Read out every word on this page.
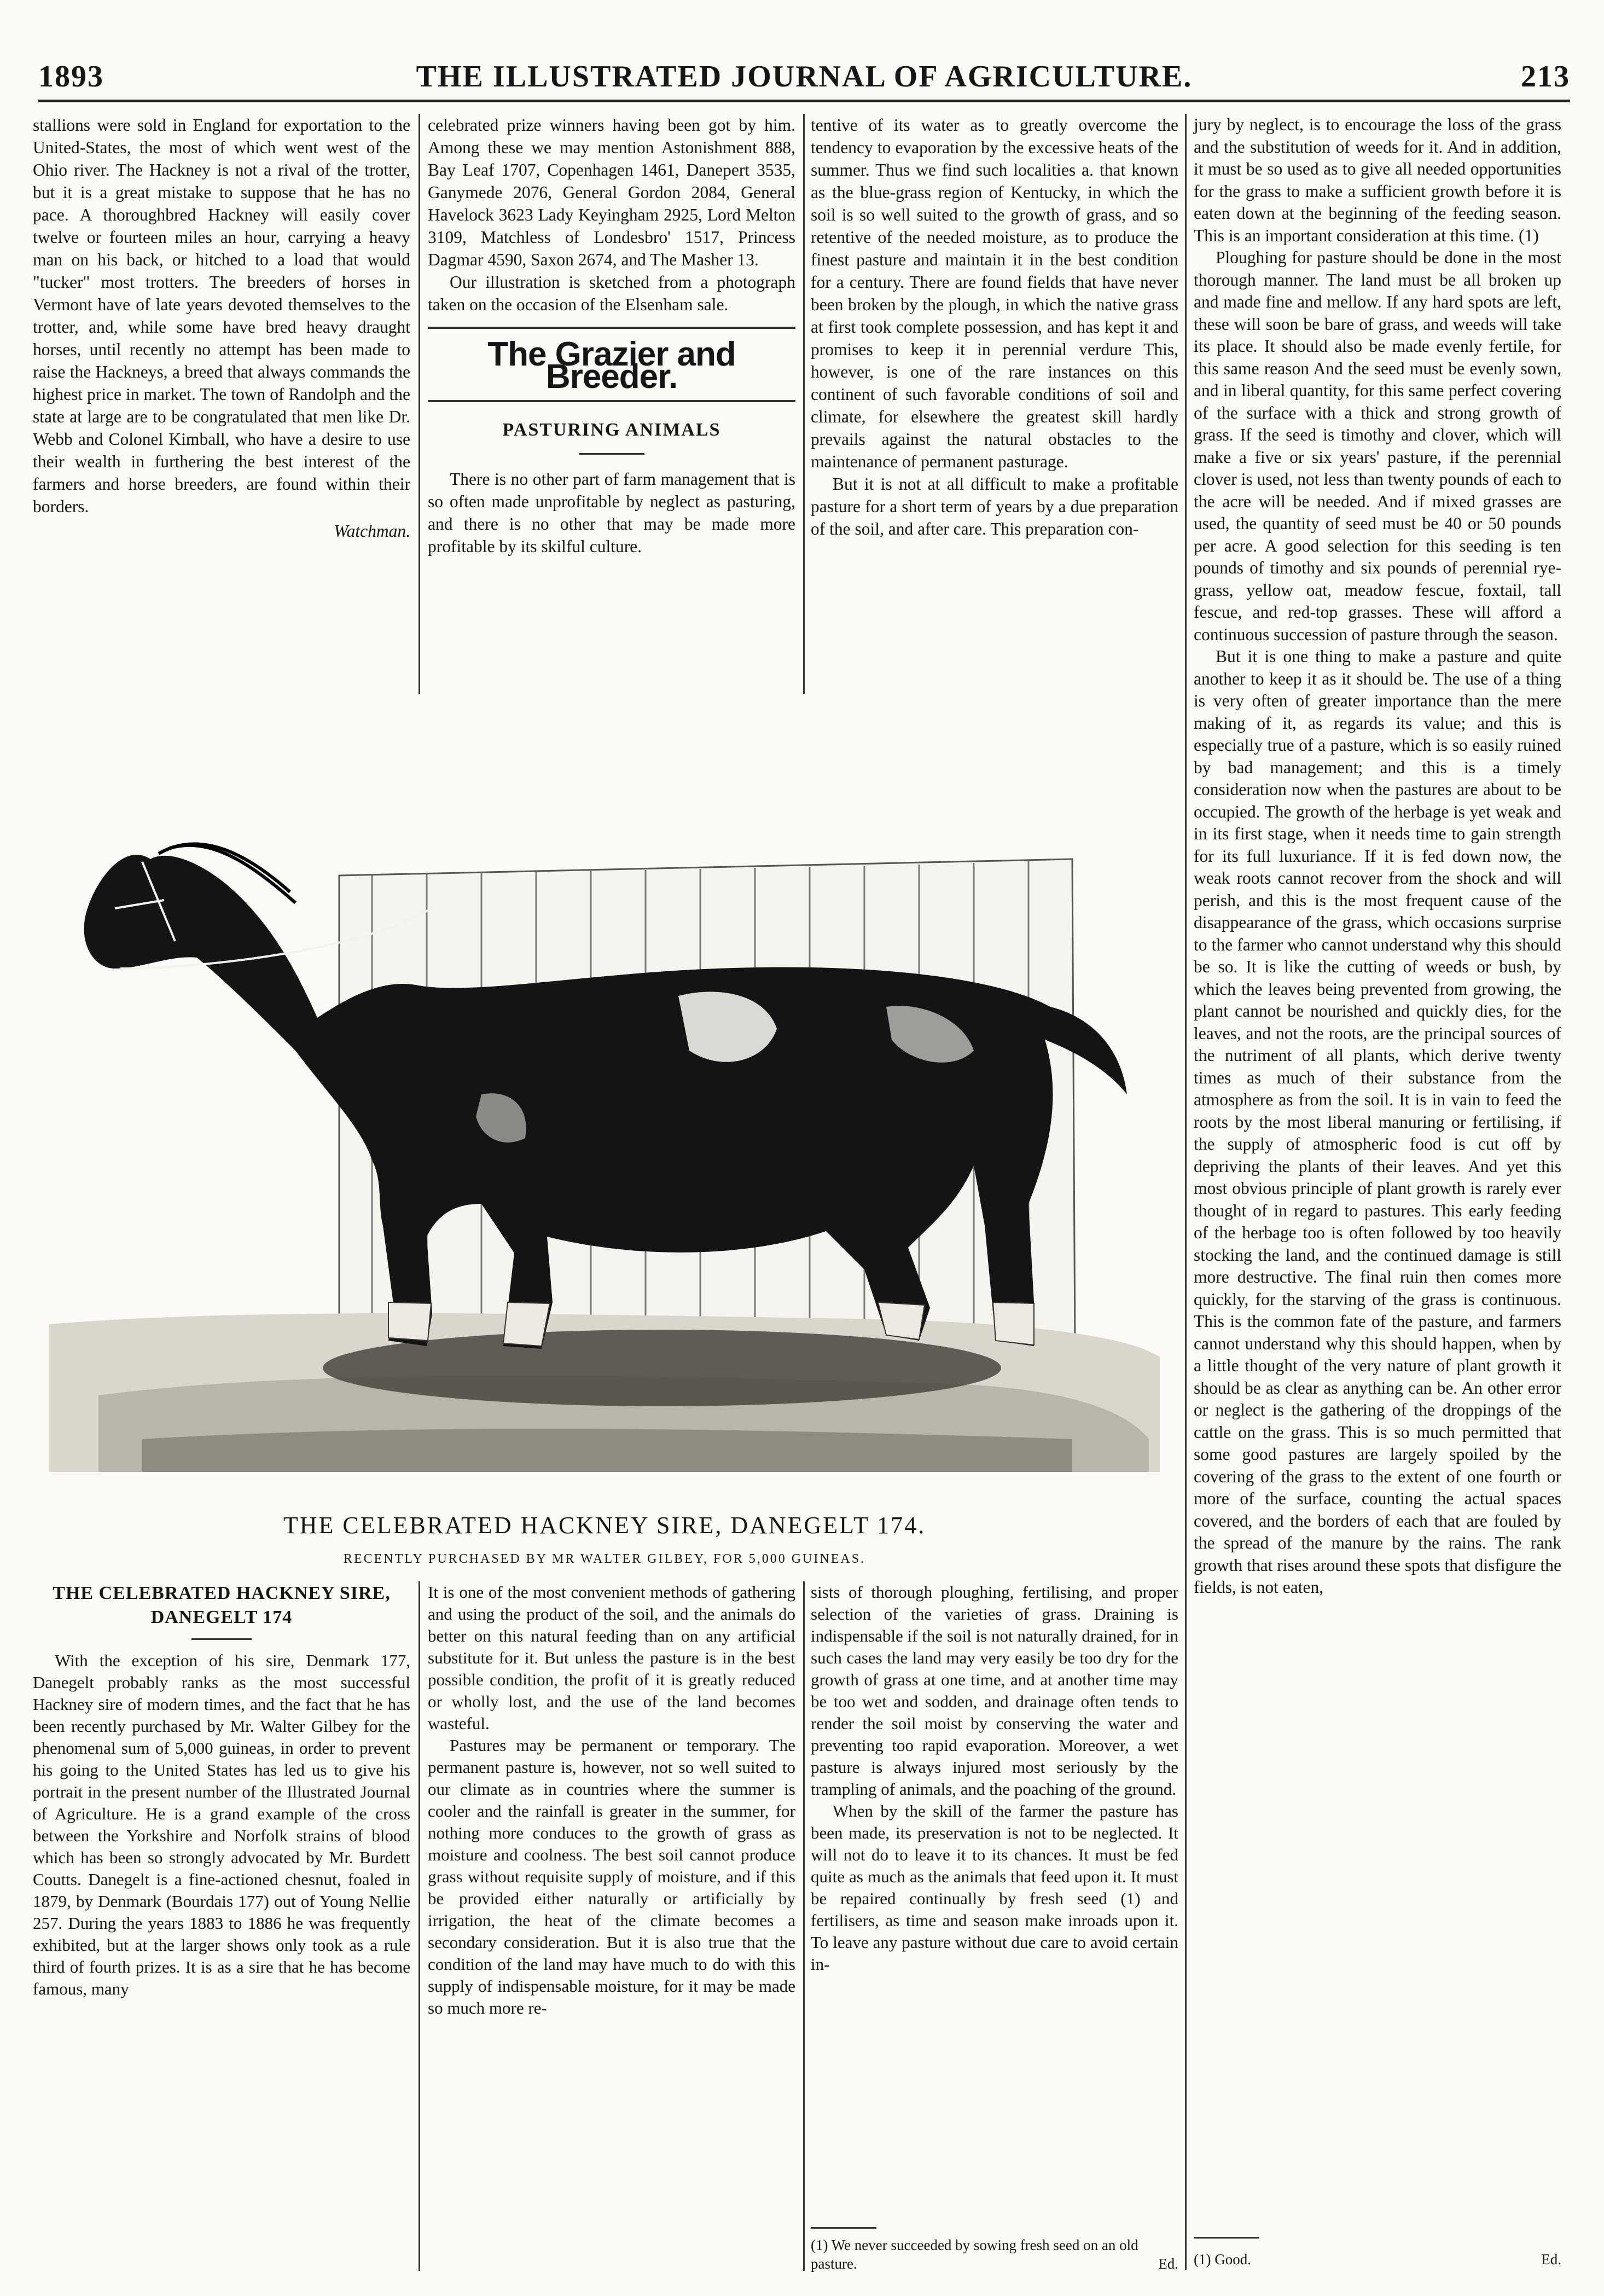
1893	THE ILLUSTRATED JOURNAL OF AGRICULTURE.	213

stallions were sold in England for exportation to the United-States, the most of which went west of the Ohio river. The Hackney is not a rival of the trotter, but it is a great mistake to suppose that he has no pace. A thoroughbred Hackney will easily cover twelve or fourteen miles an hour, carrying a heavy man on his back, or hitched to a load that would "tucker" most trotters. The breeders of horses in Vermont have of late years devoted themselves to the trotter, and, while some have bred heavy draught horses, until recently no attempt has been made to raise the Hackneys, a breed that always commands the highest price in market. The town of Randolph and the state at large are to be congratulated that men like Dr. Webb and Colonel Kimball, who have a desire to use their wealth in furthering the best interest of the farmers and horse breeders, are found within their borders.

Watchman.

celebrated prize winners having been got by him. Among these we may mention Astonishment 888, Bay Leaf 1707, Copenhagen 1461, Danepert 3535, Ganymede 2076, General Gordon 2084, General Havelock 3623 Lady Keyingham 2925, Lord Melton 3109, Matchless of Londesbro' 1517, Princess Dagmar 4590, Saxon 2674, and The Masher 13.

Our illustration is sketched from a photograph taken on the occasion of the Elsenham sale.

The Grazier and Breeder.
PASTURING ANIMALS

There is no other part of farm management that is so often made unprofitable by neglect as pasturing, and there is no other that may be made more profitable by its skilful culture.

tentive of its water as to greatly overcome the tendency to evaporation by the excessive heats of the summer. Thus we find such localities a. that known as the blue-grass region of Kentucky, in which the soil is so well suited to the growth of grass, and so retentive of the needed moisture, as to produce the finest pasture and maintain it in the best condition for a century. There are found fields that have never been broken by the plough, in which the native grass at first took complete possession, and has kept it and promises to keep it in perennial verdure This, however, is one of the rare instances on this continent of such favorable conditions of soil and climate, for elsewhere the greatest skill hardly prevails against the natural obstacles to the maintenance of permanent pasturage.

But it is not at all difficult to make a profitable pasture for a short term of years by a due preparation of the soil, and after care. This preparation con-

jury by neglect, is to encourage the loss of the grass and the substitution of weeds for it. And in addition, it must be so used as to give all needed opportunities for the grass to make a sufficient growth before it is eaten down at the beginning of the feeding season. This is an important consideration at this time. (1)

Ploughing for pasture should be done in the most thorough manner. The land must be all broken up and made fine and mellow. If any hard spots are left, these will soon be bare of grass, and weeds will take its place. It should also be made evenly fertile, for this same reason And the seed must be evenly sown, and in liberal quantity, for this same perfect covering of the surface with a thick and strong growth of grass. If the seed is timothy and clover, which will make a five or six years' pasture, if the perennial clover is used, not less than twenty pounds of each to the acre will be needed. And if mixed grasses are used, the quantity of seed must be 40 or 50 pounds per acre. A good selection for this seeding is ten pounds of timothy and six pounds of perennial rye-grass, yellow oat, meadow fescue, foxtail, tall fescue, and red-top grasses. These will afford a continuous succession of pasture through the season.

But it is one thing to make a pasture and quite another to keep it as it should be. The use of a thing is very often of greater importance than the mere making of it, as regards its value; and this is especially true of a pasture, which is so easily ruined by bad management; and this is a timely consideration now when the pastures are about to be occupied. The growth of the herbage is yet weak and in its first stage, when it needs time to gain strength for its full luxuriance. If it is fed down now, the weak roots cannot recover from the shock and will perish, and this is the most frequent cause of the disappearance of the grass, which occasions surprise to the farmer who cannot understand why this should be so. It is like the cutting of weeds or bush, by which the leaves being prevented from growing, the plant cannot be nourished and quickly dies, for the leaves, and not the roots, are the principal sources of the nutriment of all plants, which derive twenty times as much of their substance from the atmosphere as from the soil. It is in vain to feed the roots by the most liberal manuring or fertilising, if the supply of atmospheric food is cut off by depriving the plants of their leaves. And yet this most obvious principle of plant growth is rarely ever thought of in regard to pastures. This early feeding of the herbage too is often followed by too heavily stocking the land, and the continued damage is still more destructive. The final ruin then comes more quickly, for the starving of the grass is continuous. This is the common fate of the pasture, and farmers cannot understand why this should happen, when by a little thought of the very nature of plant growth it should be as clear as anything can be. An other error or neglect is the gathering of the droppings of the cattle on the grass. This is so much permitted that some good pastures are largely spoiled by the covering of the grass to the extent of one fourth or more of the surface, counting the actual spaces covered, and the borders of each that are fouled by the spread of the manure by the rains. The rank growth that rises around these spots that disfigure the fields, is not eaten,

(1) Good.	Ed.
THE CELEBRATED HACKNEY SIRE, DANEGELT 174.
RECENTLY PURCHASED BY MR WALTER GILBEY, FOR 5,000 GUINEAS.
THE CELEBRATED HACKNEY SIRE, DANEGELT 174

With the exception of his sire, Denmark 177, Danegelt probably ranks as the most successful Hackney sire of modern times, and the fact that he has been recently purchased by Mr. Walter Gilbey for the phenomenal sum of 5,000 guineas, in order to prevent his going to the United States has led us to give his portrait in the present number of the Illustrated Journal of Agriculture. He is a grand example of the cross between the Yorkshire and Norfolk strains of blood which has been so strongly advocated by Mr. Burdett Coutts. Danegelt is a fine-actioned chesnut, foaled in 1879, by Denmark (Bourdais 177) out of Young Nellie 257. During the years 1883 to 1886 he was frequently exhibited, but at the larger shows only took as a rule third of fourth prizes. It is as a sire that he has become famous, many

It is one of the most convenient methods of gathering and using the product of the soil, and the animals do better on this natural feeding than on any artificial substitute for it. But unless the pasture is in the best possible condition, the profit of it is greatly reduced or wholly lost, and the use of the land becomes wasteful.

Pastures may be permanent or temporary. The permanent pasture is, however, not so well suited to our climate as in countries where the summer is cooler and the rainfall is greater in the summer, for nothing more conduces to the growth of grass as moisture and coolness. The best soil cannot produce grass without requisite supply of moisture, and if this be provided either naturally or artificially by irrigation, the heat of the climate becomes a secondary consideration. But it is also true that the condition of the land may have much to do with this supply of indispensable moisture, for it may be made so much more re-

sists of thorough ploughing, fertilising, and proper selection of the varieties of grass. Draining is indispensable if the soil is not naturally drained, for in such cases the land may very easily be too dry for the growth of grass at one time, and at another time may be too wet and sodden, and drainage often tends to render the soil moist by conserving the water and preventing too rapid evaporation. Moreover, a wet pasture is always injured most seriously by the trampling of animals, and the poaching of the ground.

When by the skill of the farmer the pasture has been made, its preservation is not to be neglected. It will not do to leave it to its chances. It must be fed quite as much as the animals that feed upon it. It must be repaired continually by fresh seed (1) and fertilisers, as time and season make inroads upon it. To leave any pasture without due care to avoid certain in-

(1) We never succeeded by sowing fresh seed on an old pasture.	Ed.
